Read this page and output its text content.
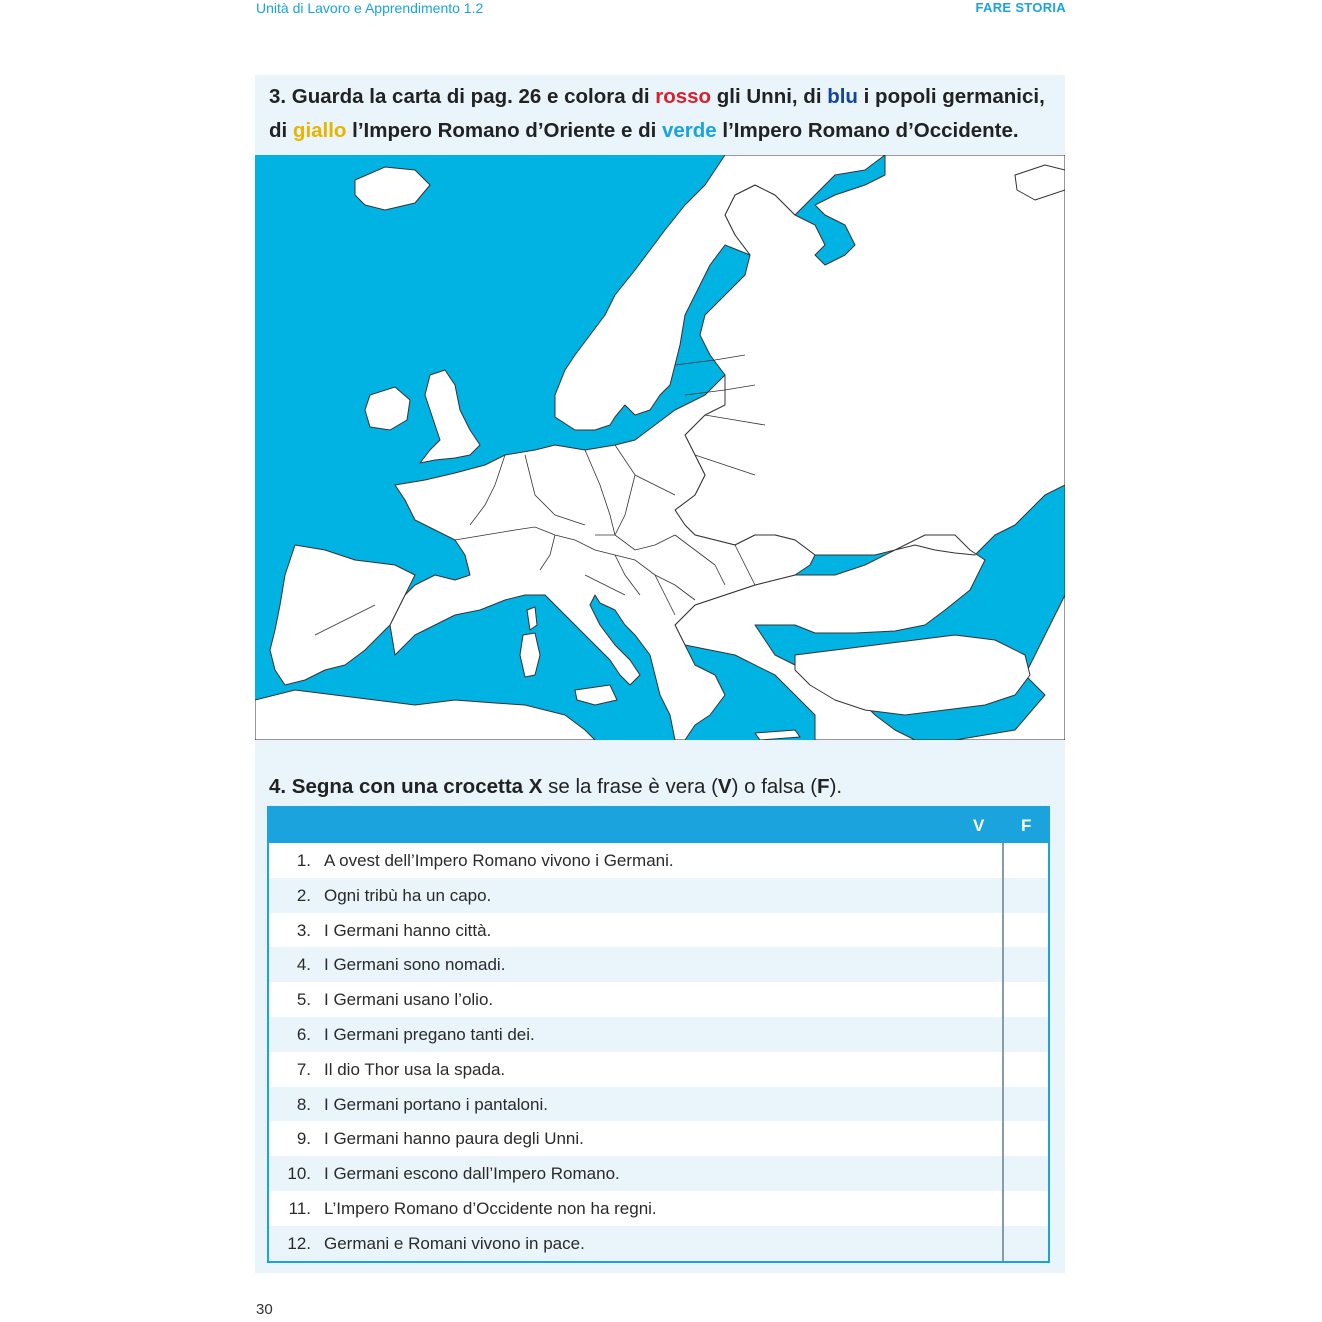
Unità di Lavoro e Apprendimento 1.2	FARE STORIA

3. Guarda la carta di pag. 26 e colora di rosso gli Unni, di blu i popoli germanici, di giallo l’Impero Romano d’Oriente e di verde l’Impero Romano d’Occidente.

4. Segna con una crocetta X se la frase è vera (V) o falsa (F).
V F
1. A ovest dell’Impero Romano vivono i Germani.
2. Ogni tribù ha un capo.
3. I Germani hanno città.
4. I Germani sono nomadi.
5. I Germani usano l’olio.
6. I Germani pregano tanti dei.
7. Il dio Thor usa la spada.
8. I Germani portano i pantaloni.
9. I Germani hanno paura degli Unni.
10. I Germani escono dall’Impero Romano.
11. L’Impero Romano d’Occidente non ha regni.
12. Germani e Romani vivono in pace.
30
